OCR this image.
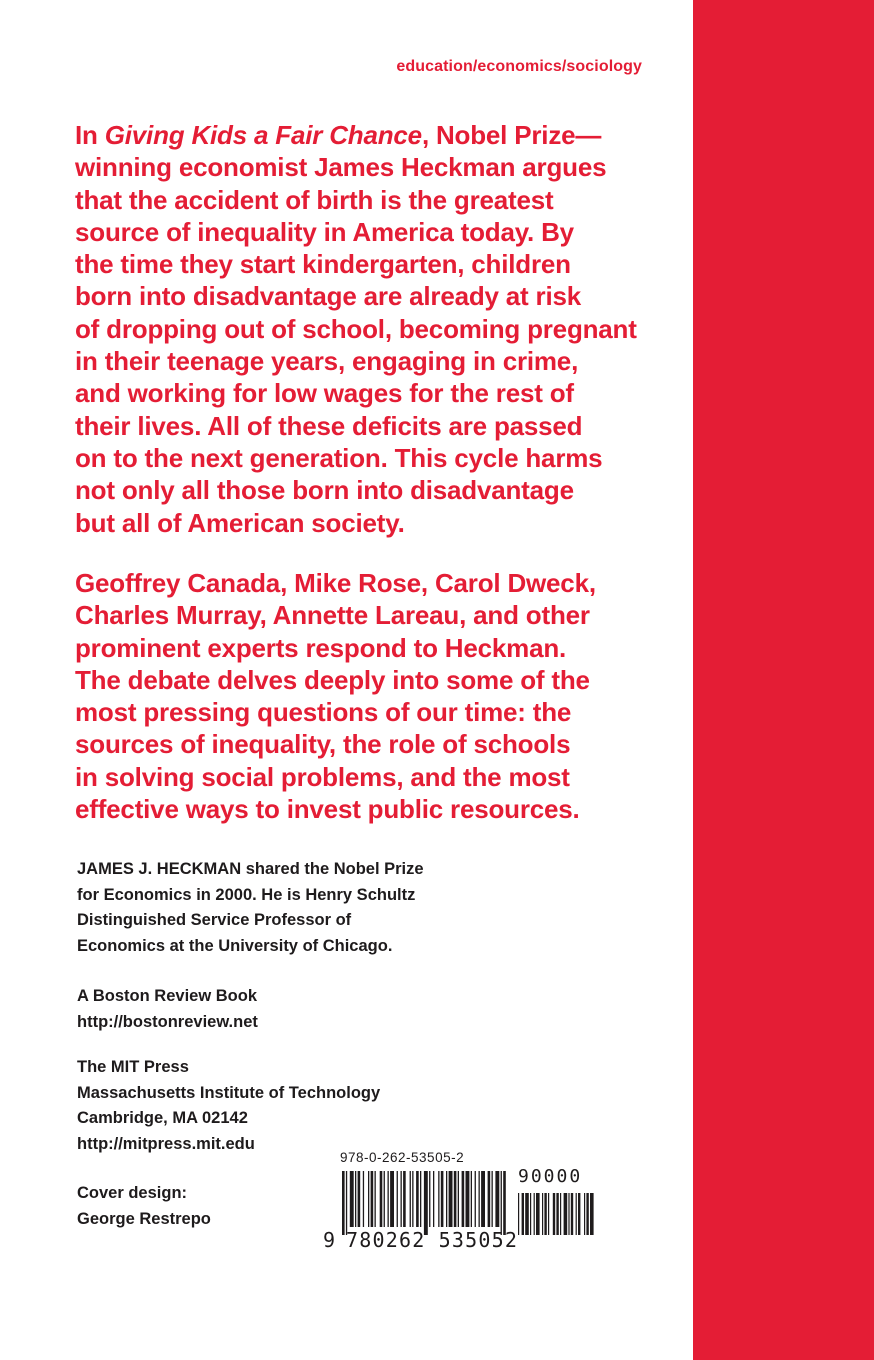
education/economics/sociology

In Giving Kids a Fair Chance, Nobel Prize—
winning economist James Heckman argues
that the accident of birth is the greatest
source of inequality in America today. By
the time they start kindergarten, children
born into disadvantage are already at risk
of dropping out of school, becoming pregnant
in their teenage years, engaging in crime,
and working for low wages for the rest of
their lives. All of these deficits are passed
on to the next generation. This cycle harms
not only all those born into disadvantage
but all of American society.

Geoffrey Canada, Mike Rose, Carol Dweck,
Charles Murray, Annette Lareau, and other
prominent experts respond to Heckman.
The debate delves deeply into some of the
most pressing questions of our time: the
sources of inequality, the role of schools
in solving social problems, and the most
effective ways to invest public resources.

JAMES J. HECKMAN shared the Nobel Prize
for Economics in 2000. He is Henry Schultz
Distinguished Service Professor of
Economics at the University of Chicago.

A Boston Review Book
http://bostonreview.net

The MIT Press
Massachusetts Institute of Technology
Cambridge, MA 02142
http://mitpress.mit.edu

Cover design:
George Restrepo

978-0-262-53505-2
90000
9 780262 535052
